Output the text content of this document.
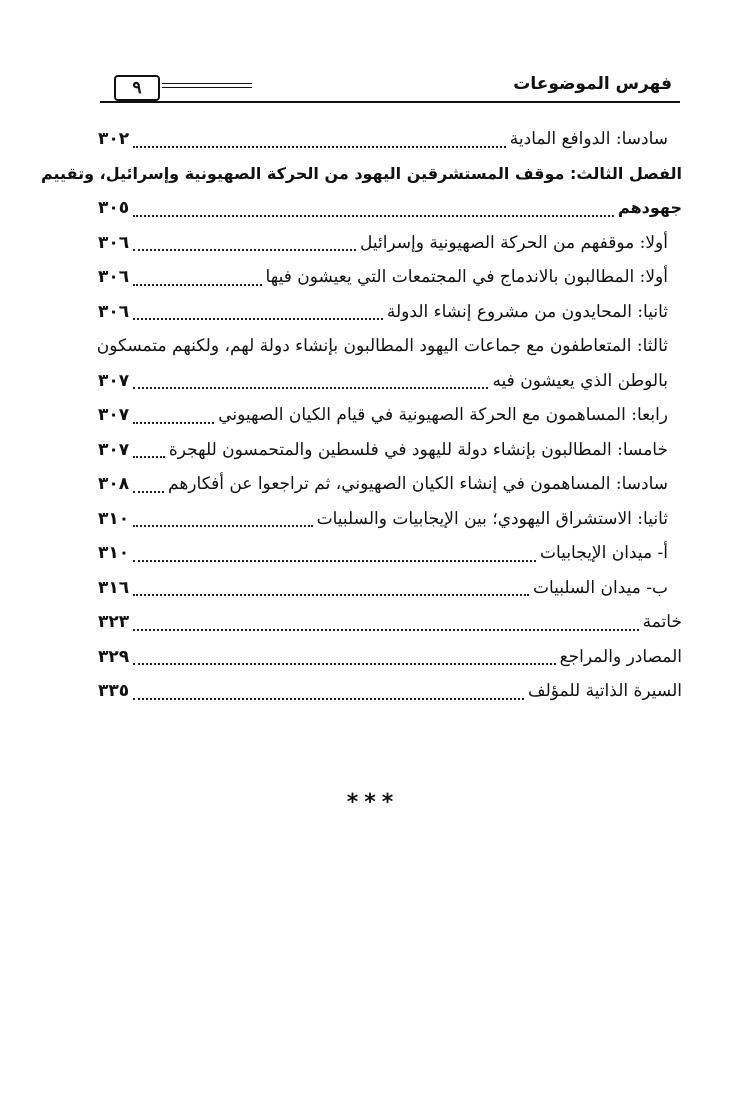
فهرس الموضوعات
٩
سادسا: الدوافع المادية
٣٠٢
الفصل الثالث: موقف المستشرقين اليهود من الحركة الصهيونية وإسرائيل، وتقييم
جهودهم
٣٠٥
أولا: موقفهم من الحركة الصهيونية وإسرائيل
٣٠٦
أولا: المطالبون بالاندماج في المجتمعات التي يعيشون فيها
٣٠٦
ثانيا: المحايدون من مشروع إنشاء الدولة
٣٠٦
ثالثا: المتعاطفون مع جماعات اليهود المطالبون بإنشاء دولة لهم، ولكنهم متمسكون
بالوطن الذي يعيشون فيه
٣٠٧
رابعا: المساهمون مع الحركة الصهيونية في قيام الكيان الصهيوني
٣٠٧
خامسا: المطالبون بإنشاء دولة لليهود في فلسطين والمتحمسون للهجرة
٣٠٧
سادسا: المساهمون في إنشاء الكيان الصهيوني، ثم تراجعوا عن أفكارهم
٣٠٨
ثانيا: الاستشراق اليهودي؛ بين الإيجابيات والسلبيات
٣١٠
أ- ميدان الإيجابيات
٣١٠
ب- ميدان السلبيات
٣١٦
خاتمة
٣٢٣
المصادر والمراجع
٣٢٩
السيرة الذاتية للمؤلف
٣٣٥
***
